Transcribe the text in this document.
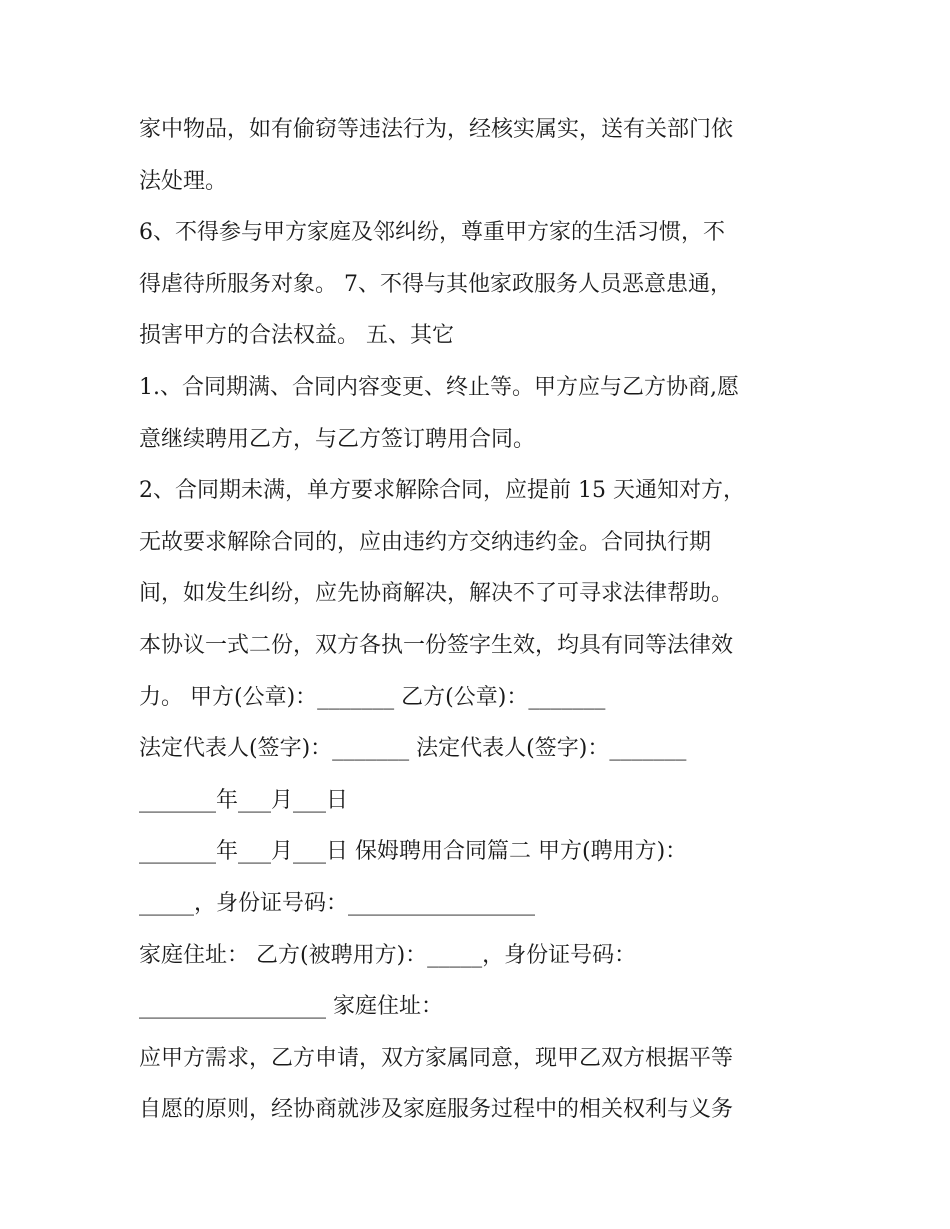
家中物品，如有偷窃等违法行为，经核实属实，送有关部门依
法处理。
6、不得参与甲方家庭及邻纠纷，尊重甲方家的生活习惯，不
得虐待所服务对象。 7、不得与其他家政服务人员恶意患通，
损害甲方的合法权益。 五、其它
1.、合同期满、合同内容变更、终止等。甲方应与乙方协商,愿
意继续聘用乙方，与乙方签订聘用合同。
2、合同期未满，单方要求解除合同，应提前 15 天通知对方，
无故要求解除合同的，应由违约方交纳违约金。合同执行期
间，如发生纠纷，应先协商解决，解决不了可寻求法律帮助。
本协议一式二份，双方各执一份签字生效，均具有同等法律效
力。 甲方(公章)：_______ 乙方(公章)：_______
法定代表人(签字)：_______ 法定代表人(签字)：_______
_______年___月___日
_______年___月___日 保姆聘用合同篇二 甲方(聘用方)：
_____，身份证号码：_________________
家庭住址： 乙方(被聘用方)：_____，身份证号码：
_________________ 家庭住址：
应甲方需求，乙方申请，双方家属同意，现甲乙双方根据平等
自愿的原则，经协商就涉及家庭服务过程中的相关权利与义务
